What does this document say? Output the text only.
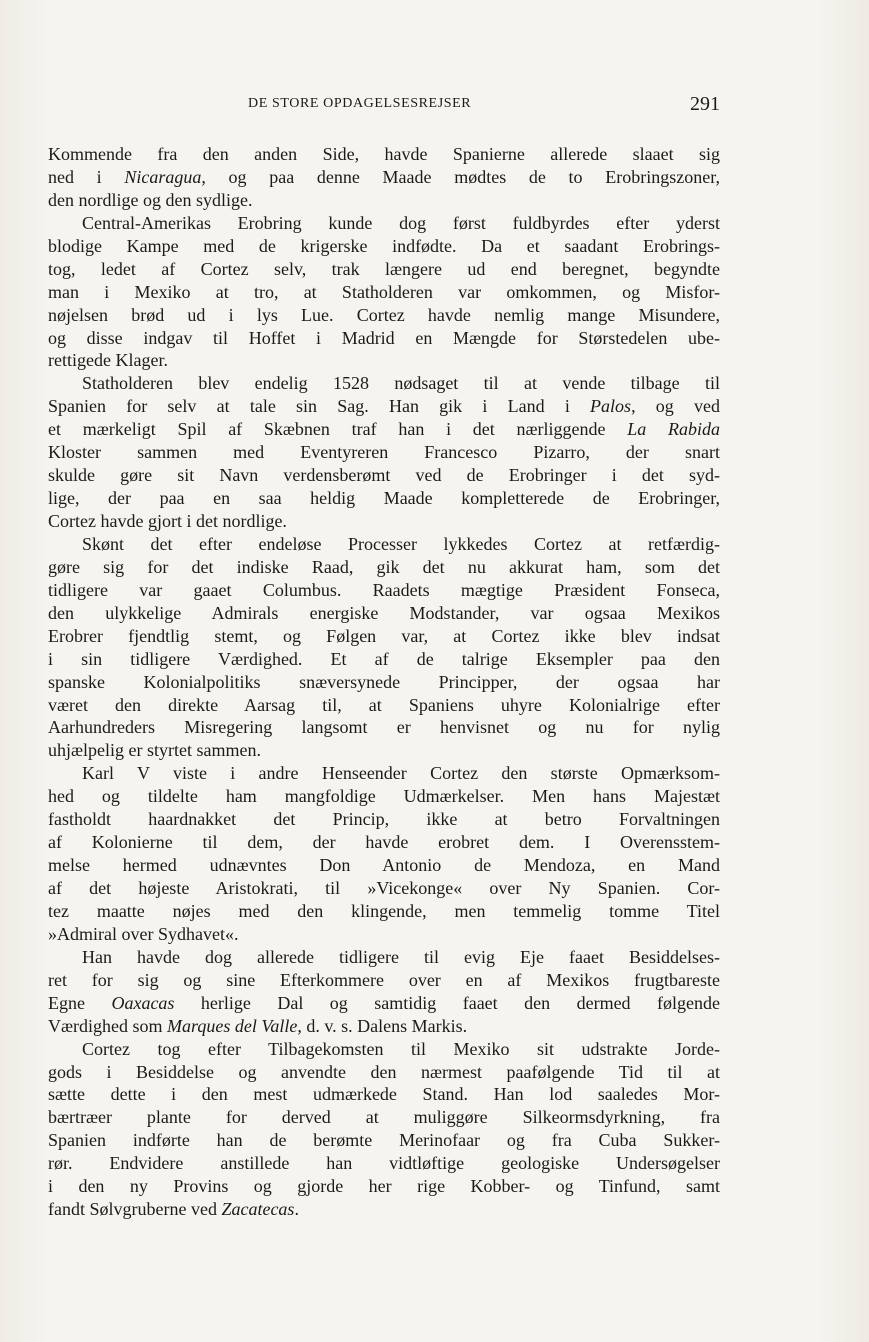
DE STORE OPDAGELSESREJSER	291
Kommende fra den anden Side, havde Spanierne allerede slaaet sig
ned i Nicaragua, og paa denne Maade mødtes de to Erobringszoner,
den nordlige og den sydlige.
Central-Amerikas Erobring kunde dog først fuldbyrdes efter yderst
blodige Kampe med de krigerske indfødte. Da et saadant Erobrings-
tog, ledet af Cortez selv, trak længere ud end beregnet, begyndte
man i Mexiko at tro, at Statholderen var omkommen, og Misfor-
nøjelsen brød ud i lys Lue. Cortez havde nemlig mange Misundere,
og disse indgav til Hoffet i Madrid en Mængde for Størstedelen ube-
rettigede Klager.
Statholderen blev endelig 1528 nødsaget til at vende tilbage til
Spanien for selv at tale sin Sag. Han gik i Land i Palos, og ved
et mærkeligt Spil af Skæbnen traf han i det nærliggende La Rabida
Kloster sammen med Eventyreren Francesco Pizarro, der snart
skulde gøre sit Navn verdensberømt ved de Erobringer i det syd-
lige, der paa en saa heldig Maade kompletterede de Erobringer,
Cortez havde gjort i det nordlige.
Skønt det efter endeløse Processer lykkedes Cortez at retfærdig-
gøre sig for det indiske Raad, gik det nu akkurat ham, som det
tidligere var gaaet Columbus. Raadets mægtige Præsident Fonseca,
den ulykkelige Admirals energiske Modstander, var ogsaa Mexikos
Erobrer fjendtlig stemt, og Følgen var, at Cortez ikke blev indsat
i sin tidligere Værdighed. Et af de talrige Eksempler paa den
spanske Kolonialpolitiks snæversynede Principper, der ogsaa har
været den direkte Aarsag til, at Spaniens uhyre Kolonialrige efter
Aarhundreders Misregering langsomt er henvisnet og nu for nylig
uhjælpelig er styrtet sammen.
Karl V viste i andre Henseender Cortez den største Opmærksom-
hed og tildelte ham mangfoldige Udmærkelser. Men hans Majestæt
fastholdt haardnakket det Princip, ikke at betro Forvaltningen
af Kolonierne til dem, der havde erobret dem. I Overensstem-
melse hermed udnævntes Don Antonio de Mendoza, en Mand
af det højeste Aristokrati, til »Vicekonge« over Ny Spanien. Cor-
tez maatte nøjes med den klingende, men temmelig tomme Titel
»Admiral over Sydhavet«.
Han havde dog allerede tidligere til evig Eje faaet Besiddelses-
ret for sig og sine Efterkommere over en af Mexikos frugtbareste
Egne Oaxacas herlige Dal og samtidig faaet den dermed følgende
Værdighed som Marques del Valle, d. v. s. Dalens Markis.
Cortez tog efter Tilbagekomsten til Mexiko sit udstrakte Jorde-
gods i Besiddelse og anvendte den nærmest paafølgende Tid til at
sætte dette i den mest udmærkede Stand. Han lod saaledes Mor-
bærtræer plante for derved at muliggøre Silkeormsdyrkning, fra
Spanien indførte han de berømte Merinofaar og fra Cuba Sukker-
rør. Endvidere anstillede han vidtløftige geologiske Undersøgelser
i den ny Provins og gjorde her rige Kobber- og Tinfund, samt
fandt Sølvgruberne ved Zacatecas.
